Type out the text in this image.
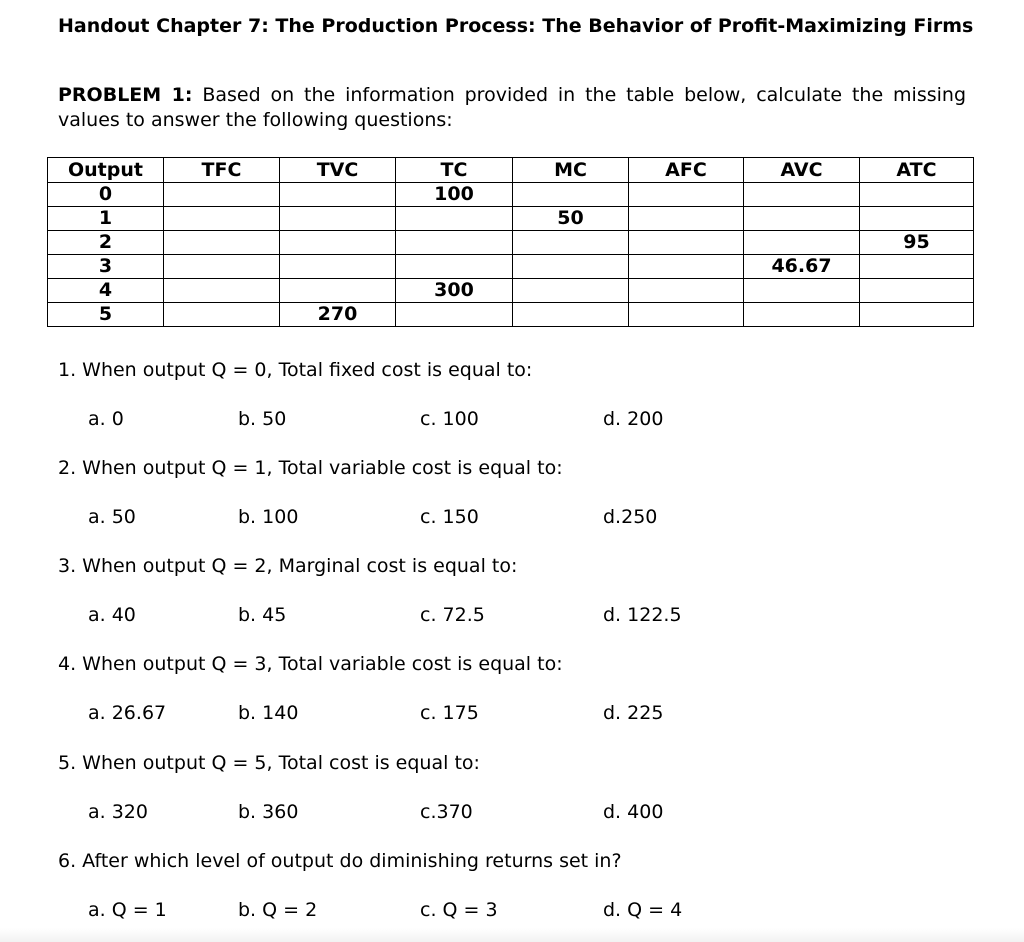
Handout Chapter 7: The Production Process: The Behavior of Profit-Maximizing Firms
PROBLEM 1: Based on the information provided in the table below, calculate the missing values to answer the following questions:
Output	TFC	TVC	TC	MC	AFC	AVC	ATC
0			100				
1				50			
2							95
3						46.67	
4			300				
5		270					
1. When output Q = 0, Total fixed cost is equal to:
a. 0	b. 50	c. 100	d. 200
2. When output Q = 1, Total variable cost is equal to:
a. 50	b. 100	c. 150	d.250
3. When output Q = 2, Marginal cost is equal to:
a. 40	b. 45	c. 72.5	d. 122.5
4. When output Q = 3, Total variable cost is equal to:
a. 26.67	b. 140	c. 175	d. 225
5. When output Q = 5, Total cost is equal to:
a. 320	b. 360	c.370	d. 400
6. After which level of output do diminishing returns set in?
a. Q = 1	b. Q = 2	c. Q = 3	d. Q = 4
